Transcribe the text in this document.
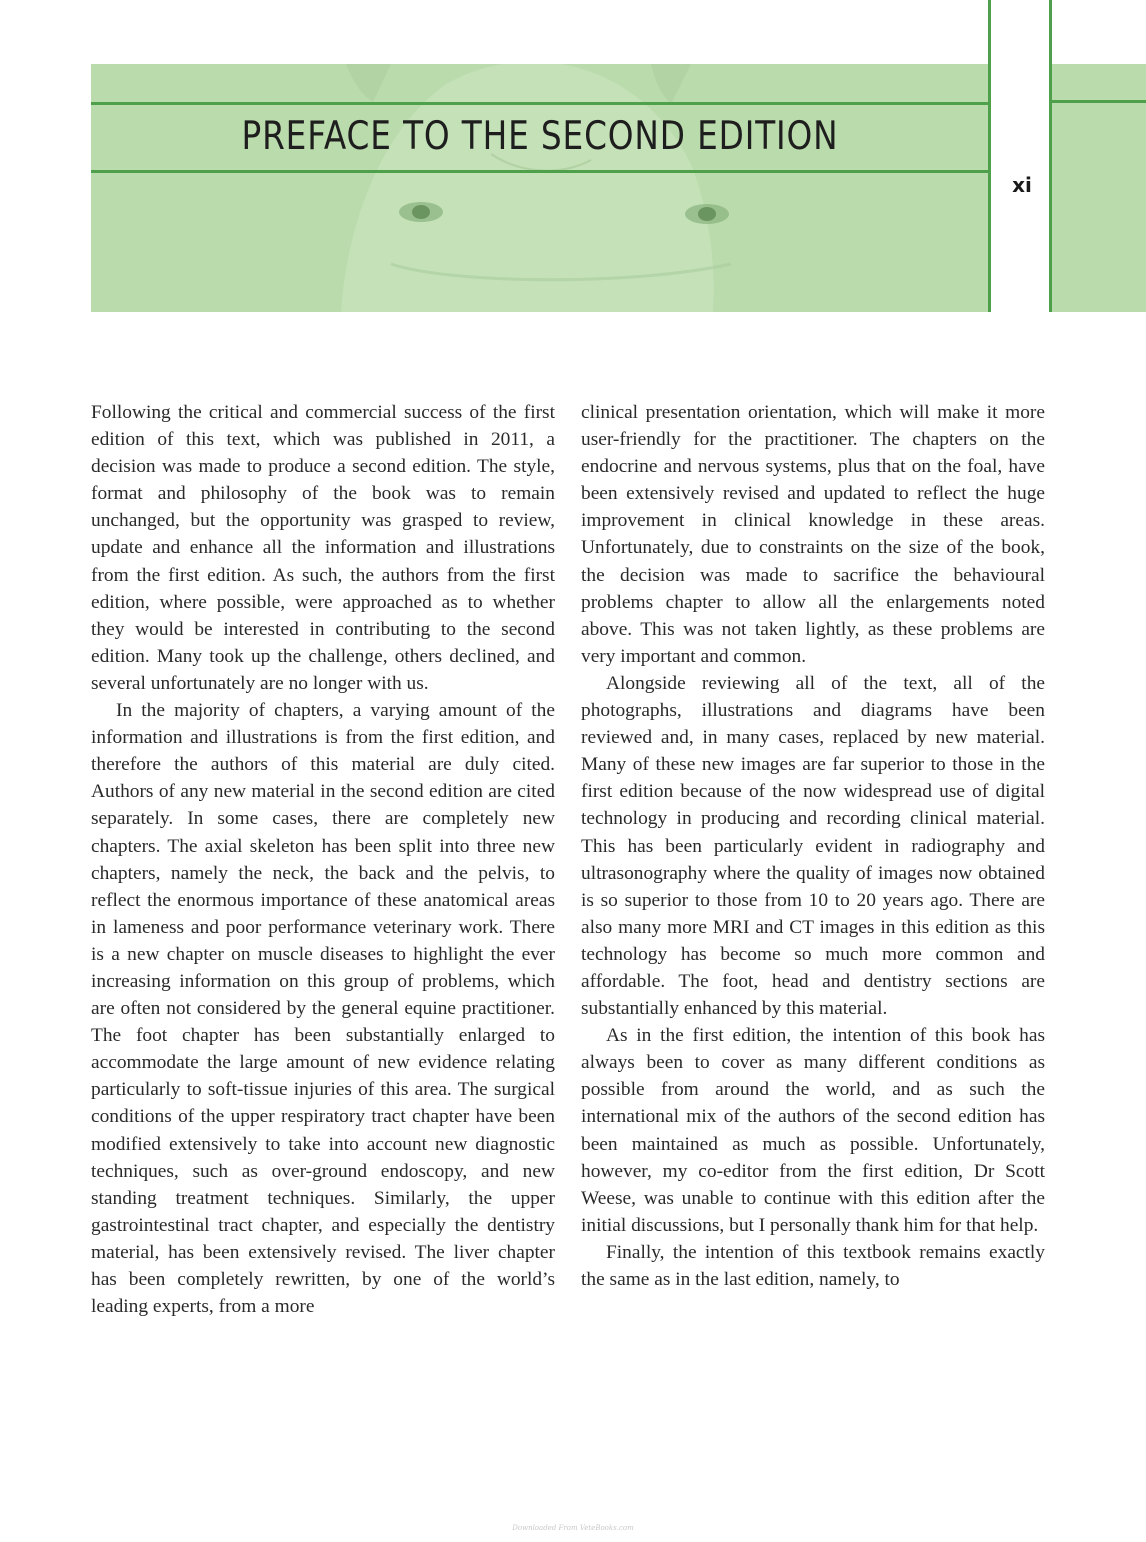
PREFACE TO THE SECOND EDITION
xi

Following the critical and commercial success of the first edition of this text, which was published in 2011, a decision was made to produce a second edition. The style, format and philosophy of the book was to remain unchanged, but the opportunity was grasped to review, update and enhance all the information and illustrations from the first edition. As such, the authors from the first edition, where possible, were approached as to whether they would be interested in contributing to the second edition. Many took up the challenge, others declined, and several unfortunately are no longer with us.

In the majority of chapters, a varying amount of the information and illustrations is from the first edition, and therefore the authors of this material are duly cited. Authors of any new material in the second edition are cited separately. In some cases, there are completely new chapters. The axial skeleton has been split into three new chapters, namely the neck, the back and the pelvis, to reflect the enormous importance of these anatomical areas in lameness and poor performance veterinary work. There is a new chapter on muscle diseases to highlight the ever increasing information on this group of problems, which are often not considered by the general equine practitioner. The foot chapter has been substantially enlarged to accommodate the large amount of new evidence relating particularly to soft-tissue injuries of this area. The surgical conditions of the upper respiratory tract chapter have been modified extensively to take into account new diagnostic techniques, such as over-ground endoscopy, and new standing treatment techniques. Similarly, the upper gastrointestinal tract chapter, and especially the dentistry material, has been extensively revised. The liver chapter has been completely rewritten, by one of the world’s leading experts, from a more

clinical presentation orientation, which will make it more user-friendly for the practitioner. The chapters on the endocrine and nervous systems, plus that on the foal, have been extensively revised and updated to reflect the huge improvement in clinical knowledge in these areas. Unfortunately, due to constraints on the size of the book, the decision was made to sacrifice the behavioural problems chapter to allow all the enlargements noted above. This was not taken lightly, as these problems are very important and common.

Alongside reviewing all of the text, all of the photographs, illustrations and diagrams have been reviewed and, in many cases, replaced by new material. Many of these new images are far superior to those in the first edition because of the now widespread use of digital technology in producing and recording clinical material. This has been particularly evident in radiography and ultrasonography where the quality of images now obtained is so superior to those from 10 to 20 years ago. There are also many more MRI and CT images in this edition as this technology has become so much more common and affordable. The foot, head and dentistry sections are substantially enhanced by this material.

As in the first edition, the intention of this book has always been to cover as many different conditions as possible from around the world, and as such the international mix of the authors of the second edition has been maintained as much as possible. Unfortunately, however, my co-editor from the first edition, Dr Scott Weese, was unable to continue with this edition after the initial discussions, but I personally thank him for that help.

Finally, the intention of this textbook remains exactly the same as in the last edition, namely, to

Downloaded From VeteBooks.com
